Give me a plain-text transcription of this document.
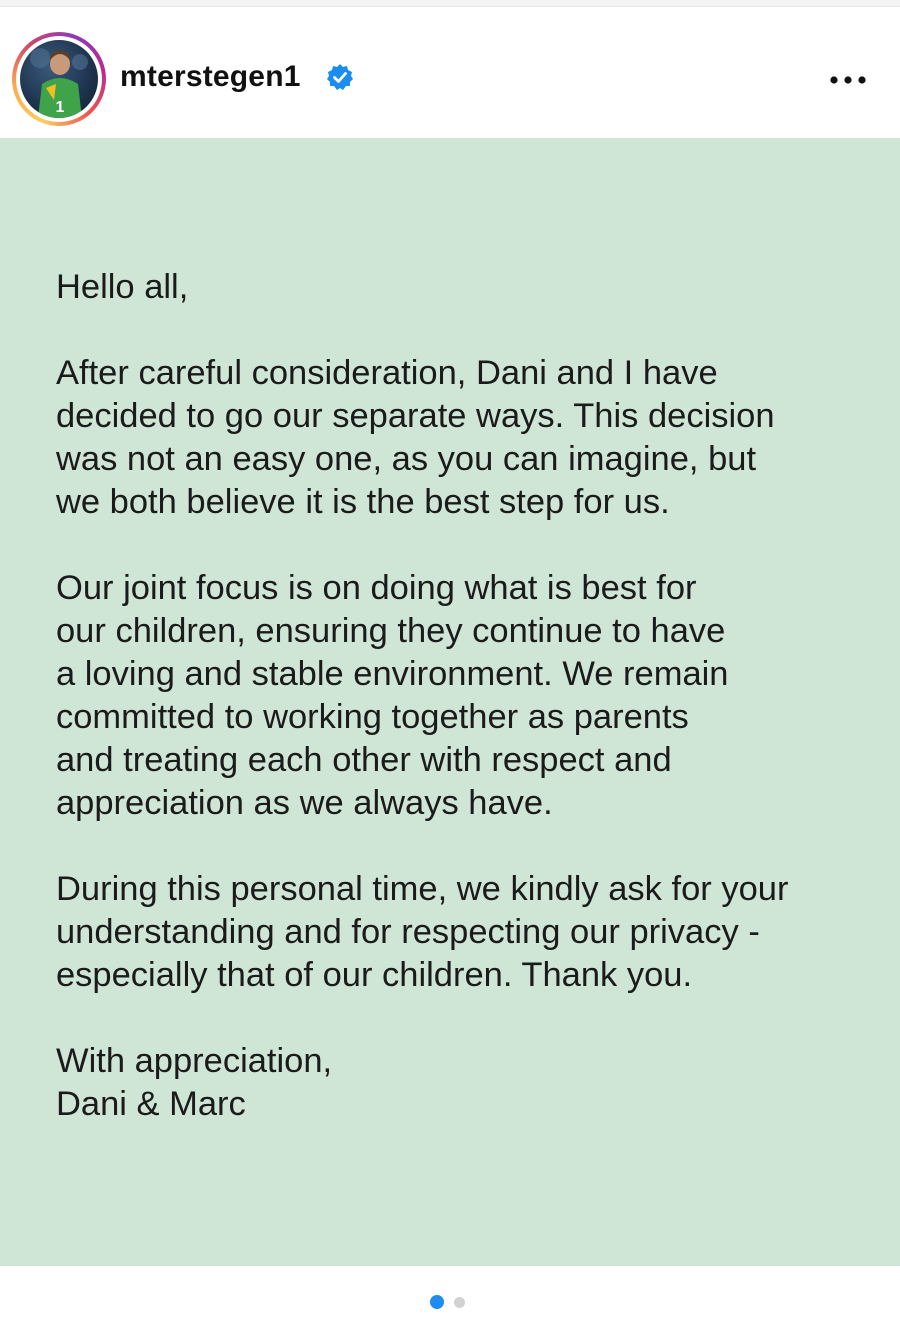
1
mterstegen1

Hello all,

After careful consideration, Dani and I have
decided to go our separate ways. This decision
was not an easy one, as you can imagine, but
we both believe it is the best step for us.

Our joint focus is on doing what is best for
our children, ensuring they continue to have
a loving and stable environment. We remain
committed to working together as parents
and treating each other with respect and
appreciation as we always have.

During this personal time, we kindly ask for your
understanding and for respecting our privacy -
especially that of our children. Thank you.

With appreciation,
Dani & Marc
